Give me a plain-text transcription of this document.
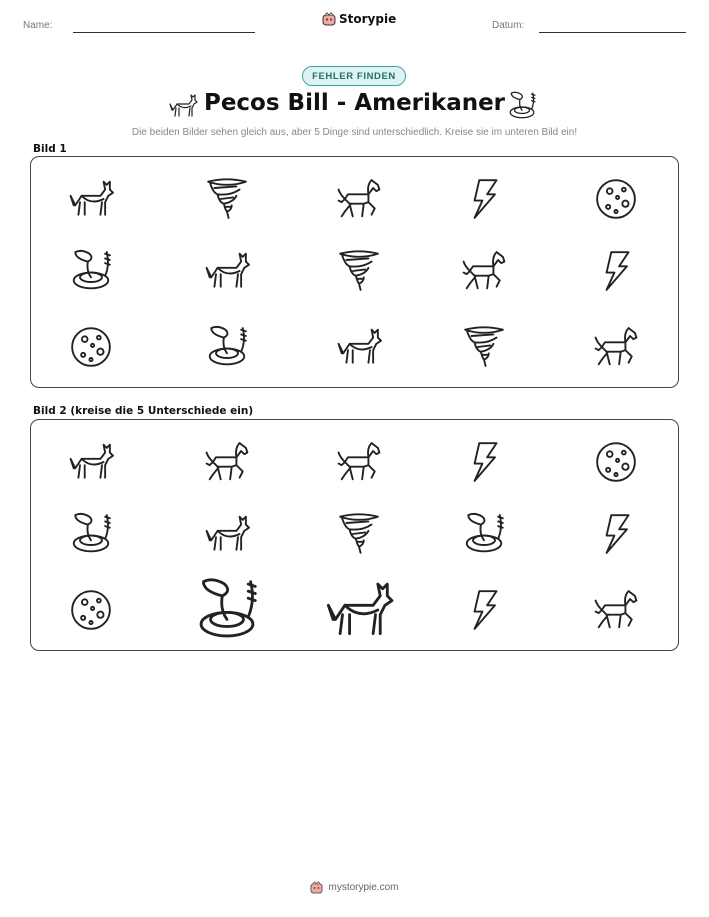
Name:	Storypie	Datum:
FEHLER FINDEN
Pecos Bill - Amerikaner
Die beiden Bilder sehen gleich aus, aber 5 Dinge sind unterschiedlich. Kreise sie im unteren Bild ein!
Bild 1
Bild 2 (kreise die 5 Unterschiede ein)
mystorypie.com
